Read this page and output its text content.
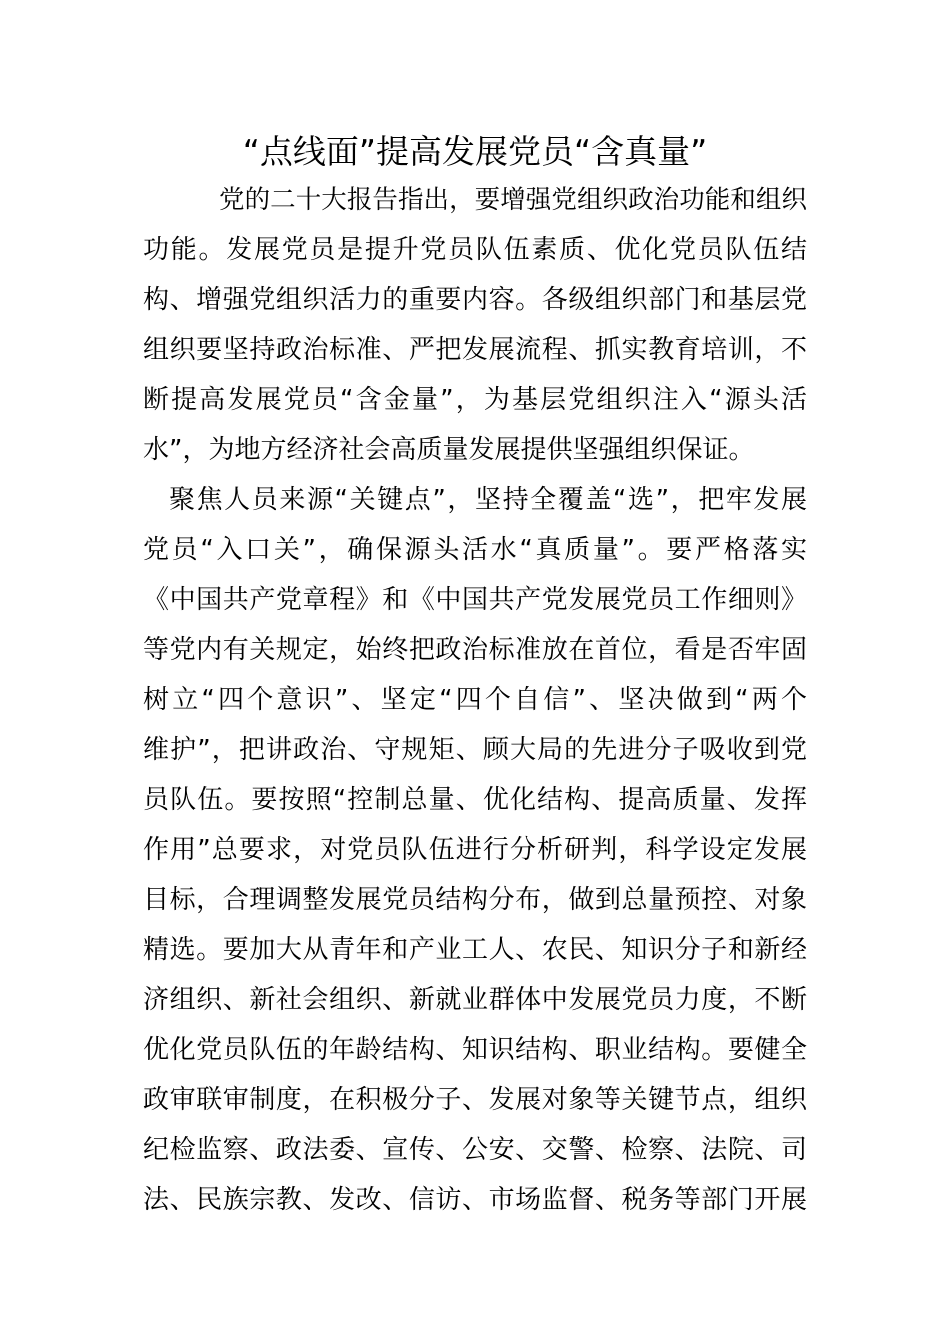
“点线面”提高发展党员“含真量”
党的二十大报告指出，要增强党组织政治功能和组织
功能。发展党员是提升党员队伍素质、优化党员队伍结
构、增强党组织活力的重要内容。各级组织部门和基层党
组织要坚持政治标准、严把发展流程、抓实教育培训，不
断提高发展党员“含金量”，为基层党组织注入“源头活
水”，为地方经济社会高质量发展提供坚强组织保证。
聚焦人员来源“关键点”，坚持全覆盖“选”，把牢发展
党员“入口关”，确保源头活水“真质量”。要严格落实
《中国共产党章程》和《中国共产党发展党员工作细则》
等党内有关规定，始终把政治标准放在首位，看是否牢固
树立“四个意识”、坚定“四个自信”、坚决做到“两个
维护”，把讲政治、守规矩、顾大局的先进分子吸收到党
员队伍。要按照“控制总量、优化结构、提高质量、发挥
作用”总要求，对党员队伍进行分析研判，科学设定发展
目标，合理调整发展党员结构分布，做到总量预控、对象
精选。要加大从青年和产业工人、农民、知识分子和新经
济组织、新社会组织、新就业群体中发展党员力度，不断
优化党员队伍的年龄结构、知识结构、职业结构。要健全
政审联审制度，在积极分子、发展对象等关键节点，组织
纪检监察、政法委、宣传、公安、交警、检察、法院、司
法、民族宗教、发改、信访、市场监督、税务等部门开展
